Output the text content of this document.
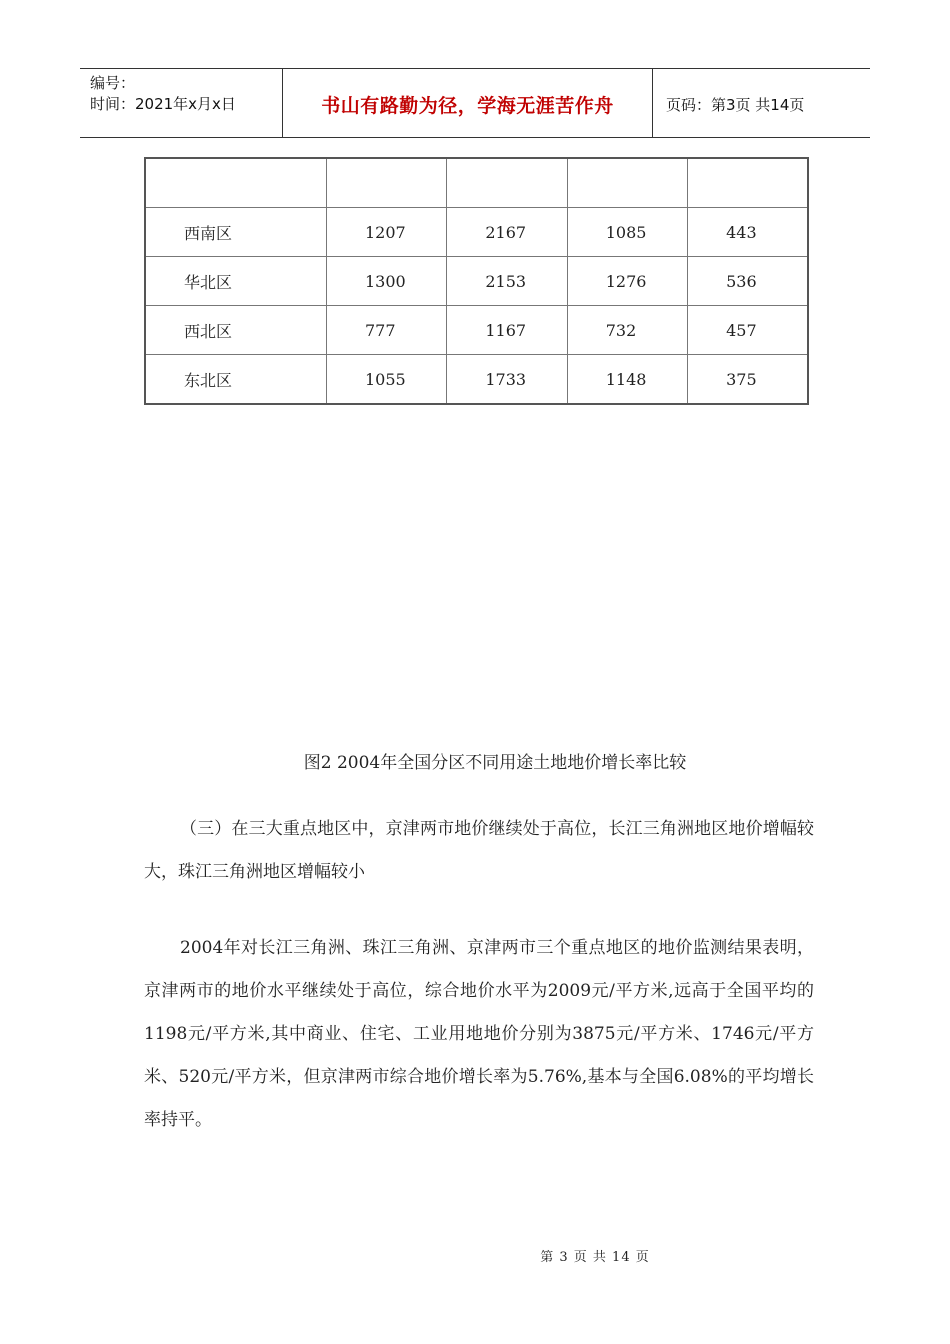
编号：
时间：2021年x月x日	书山有路勤为径，学海无涯苦作舟	页码：第3页 共14页

西南区	1207	2167	1085	443
华北区	1300	2153	1276	536
西北区	777	1167	732	457
东北区	1055	1733	1148	375
图2 2004年全国分区不同用途土地地价增长率比较

（三）在三大重点地区中，京津两市地价继续处于高位，长江三角洲地区地价增幅较大，珠江三角洲地区增幅较小

2004年对长江三角洲、珠江三角洲、京津两市三个重点地区的地价监测结果表明，京津两市的地价水平继续处于高位，综合地价水平为2009元/平方米,远高于全国平均的1198元/平方米,其中商业、住宅、工业用地地价分别为3875元/平方米、1746元/平方米、520元/平方米，但京津两市综合地价增长率为5.76%,基本与全国6.08%的平均增长率持平。

第 3 页 共 14 页
